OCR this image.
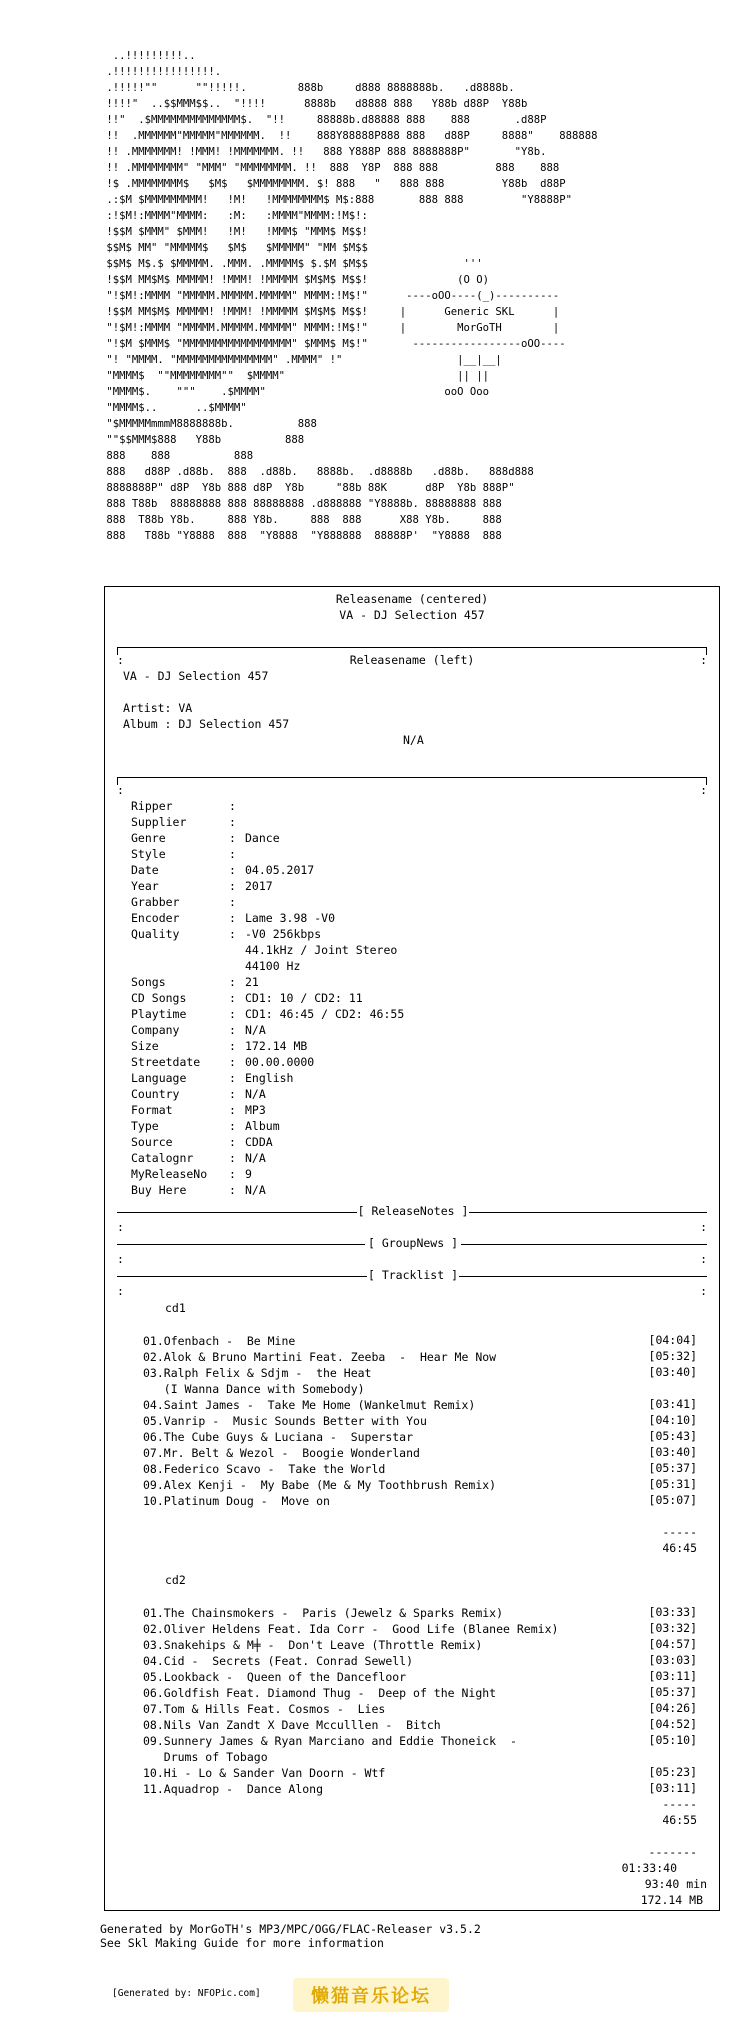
..!!!!!!!!!..
.!!!!!!!!!!!!!!!!.
.!!!!!""      ""!!!!!.        888b     d888 8888888b.   .d8888b.
!!!!"  ..$$MMM$$..  "!!!!      8888b   d8888 888   Y88b d88P  Y88b
!!"  .$MMMMMMMMMMMMMM$.  "!!     88888b.d88888 888    888       .d88P
!!  .MMMMMM"MMMMM"MMMMMM.  !!    888Y88888P888 888   d88P     8888"    888888
!! .MMMMMMM! !MMM! !MMMMMMM. !!   888 Y888P 888 8888888P"       "Y8b.
!! .MMMMMMMM" "MMM" "MMMMMMMM. !!  888  Y8P  888 888         888    888
!$ .MMMMMMMM$   $M$   $MMMMMMMM. $! 888   "   888 888         Y88b  d88P
.:$M $MMMMMMMMM!   !M!   !MMMMMMMM$ M$:888       888 888         "Y8888P"
:!$M!:MMMM"MMMM:   :M:   :MMMM"MMMM:!M$!:
!$$M $MMM" $MMM!   !M!   !MMM$ "MMM$ M$$!
$$M$ MM" "MMMMM$   $M$   $MMMMM" "MM $M$$
$$M$ M$.$ $MMMMM. .MMM. .MMMMM$ $.$M $M$$               '''
!$$M MM$M$ MMMMM! !MMM! !MMMMM $M$M$ M$$!              (O O)
"!$M!:MMMM "MMMMM.MMMMM.MMMMM" MMMM:!M$!"      ----oOO----(_)----------
!$$M MM$M$ MMMMM! !MMM! !MMMMM $M$M$ M$$!     |      Generic SKL      |
"!$M!:MMMM "MMMMM.MMMMM.MMMMM" MMMM:!M$!"     |        MorGoTH        |
"!$M $MMM$ "MMMMMMMMMMMMMMMMM" $MMM$ M$!"       -----------------oOO----
"! "MMMM. "MMMMMMMMMMMMMMM" .MMMM" !"                  |__|__|
"MMMM$  ""MMMMMMMM""  $MMMM"                           || ||
"MMMM$.    """    .$MMMM"                            ooO Ooo
"MMMM$..      ..$MMMM"
"$MMMMMmmmM8888888b.          888
""$$MMM$888   Y88b          888
888    888          888
888   d88P .d88b.  888  .d88b.   8888b.  .d8888b   .d88b.   888d888
8888888P" d8P  Y8b 888 d8P  Y8b     "88b 88K      d8P  Y8b 888P"
888 T88b  88888888 888 88888888 .d888888 "Y8888b. 88888888 888
888  T88b Y8b.     888 Y8b.     888  888      X88 Y8b.     888
888   T88b "Y8888  888  "Y8888  "Y888888  88888P'  "Y8888  888
Releasename (centered)
VA - DJ Selection 457
:	:
Releasename (left)
VA - DJ Selection 457
Artist: VA
Album : DJ Selection 457
N/A
:	:
Ripper	:
Supplier	:
Genre	: Dance
Style	:
Date	: 04.05.2017
Year	: 2017
Grabber	:
Encoder	: Lame 3.98 -V0
Quality	: -V0 256kbps
44.1kHz / Joint Stereo
44100 Hz
Songs	: 21
CD Songs	: CD1: 10 / CD2: 11
Playtime	: CD1: 46:45 / CD2: 46:55
Company	: N/A
Size	: 172.14 MB
Streetdate	: 00.00.0000
Language	: English
Country	: N/A
Format	: MP3
Type	: Album
Source	: CDDA
Catalognr	: N/A
MyReleaseNo : 9
Buy Here	: N/A
[ ReleaseNotes ]
:	:
[ GroupNews ]
:	:
[ Tracklist ]
:	:
cd1
01.Ofenbach -  Be Mine	[04:04]
02.Alok & Bruno Martini Feat. Zeeba  -  Hear Me Now	[05:32]
03.Ralph Felix & Sdjm -  the Heat	[03:40]
(I Wanna Dance with Somebody)
04.Saint James -  Take Me Home (Wankelmut Remix)	[03:41]
05.Vanrip -  Music Sounds Better with You	[04:10]
06.The Cube Guys & Luciana -  Superstar	[05:43]
07.Mr. Belt & Wezol -  Boogie Wonderland	[03:40]
08.Federico Scavo -  Take the World	[05:37]
09.Alex Kenji -  My Babe (Me & My Toothbrush Remix)	[05:31]
10.Platinum Doug -  Move on	[05:07]
-----
46:45
cd2
01.The Chainsmokers -  Paris (Jewelz & Sparks Remix)	[03:33]
02.Oliver Heldens Feat. Ida Corr -  Good Life (Blanee Remix)	[03:32]
03.Snakehips & M╪ -  Don't Leave (Throttle Remix)	[04:57]
04.Cid -  Secrets (Feat. Conrad Sewell)	[03:03]
05.Lookback -  Queen of the Dancefloor	[03:11]
06.Goldfish Feat. Diamond Thug -  Deep of the Night	[05:37]
07.Tom & Hills Feat. Cosmos -  Lies	[04:26]
08.Nils Van Zandt X Dave Mcculllen -  Bitch	[04:52]
09.Sunnery James & Ryan Marciano and Eddie Thoneick  -	[05:10]
Drums of Tobago
10.Hi - Lo & Sander Van Doorn - Wtf	[05:23]
11.Aquadrop -  Dance Along	[03:11]
-----
46:55
-------
01:33:40
93:40 min
172.14 MB
Generated by MorGoTH's MP3/MPC/OGG/FLAC-Releaser v3.5.2
See Skl Making Guide for more information
[Generated by: NFOPic.com]	懒猫音乐论坛
